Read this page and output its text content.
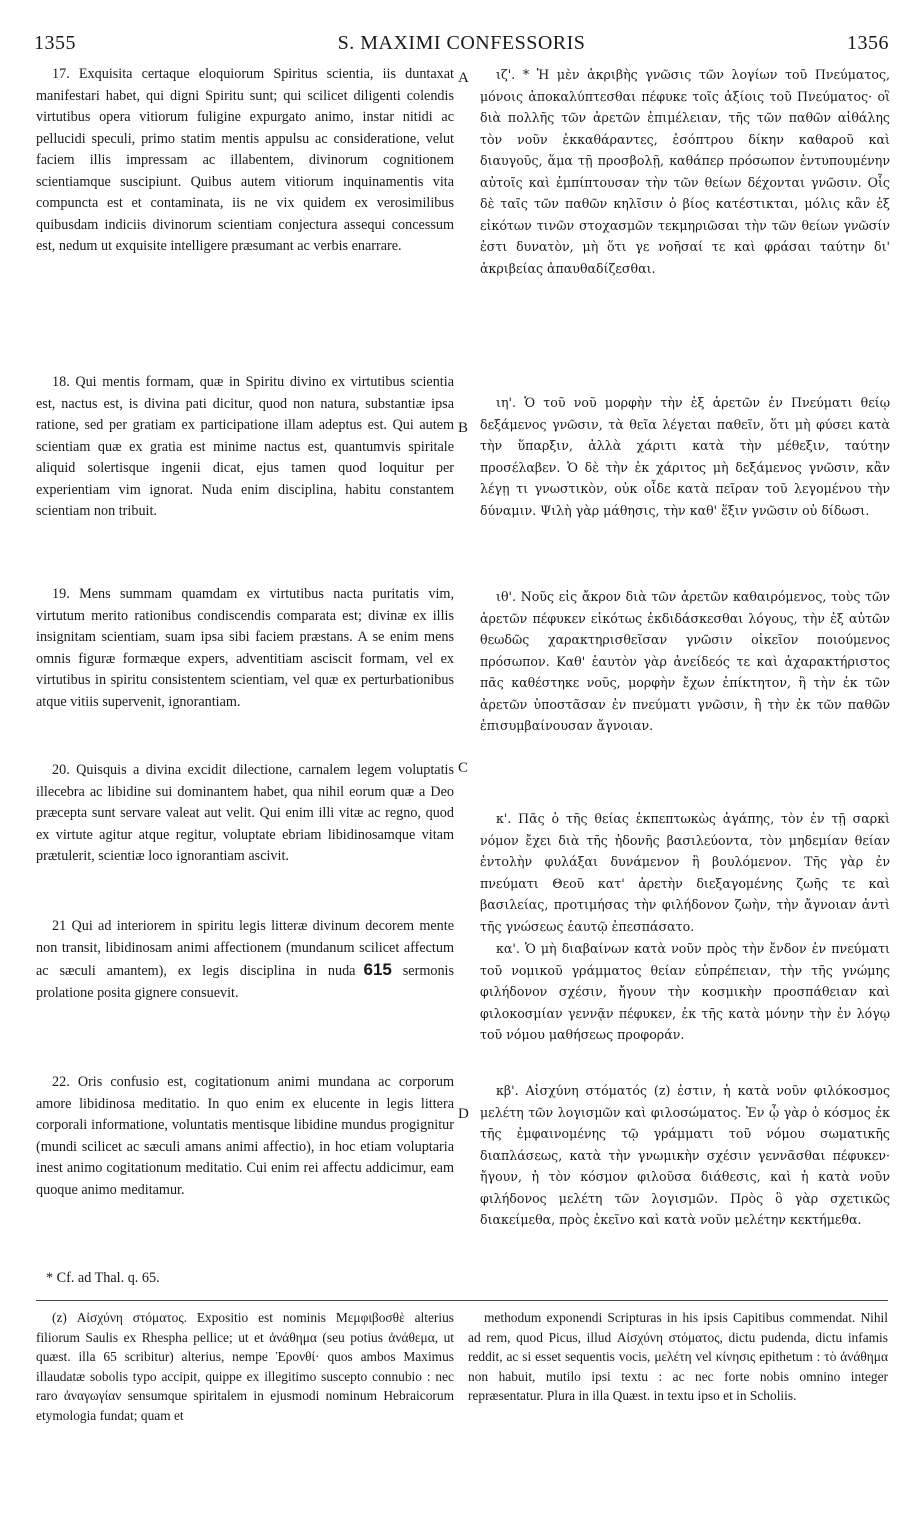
1355	S. MAXIMI CONFESSORIS	1356

17. Exquisita certaque eloquiorum Spiritus scientia, iis duntaxat manifestari habet, qui digni Spiritu sunt; qui scilicet diligenti colendis virtutibus opera vitiorum fuligine expurgato animo, instar nitidi ac pellucidi speculi, primo statim mentis appulsu ac consideratione, velut faciem illis impressam ac illabentem, divinorum cognitionem scientiamque suscipiunt. Quibus autem vitiorum inquinamentis vita compuncta est et contaminata, iis ne vix quidem ex verosimilibus quibusdam indiciis divinorum scientiam conjectura assequi concessum est, nedum ut exquisite intelligere præsumant ac verbis enarrare.

18. Qui mentis formam, quæ in Spiritu divino ex virtutibus scientia est, nactus est, is divina pati dicitur, quod non natura, substantiæ ipsa ratione, sed per gratiam ex participatione illam adeptus est. Qui autem scientiam quæ ex gratia est minime nactus est, quantumvis spiritale aliquid solertisque ingenii dicat, ejus tamen quod loquitur per experientiam vim ignorat. Nuda enim disciplina, habitu constantem scientiam non tribuit.

19. Mens summam quamdam ex virtutibus nacta puritatis vim, virtutum merito rationibus condiscendis comparata est; divinæ ex illis insignitam scientiam, suam ipsa sibi faciem præstans. A se enim mens omnis figuræ formæque expers, adventitiam asciscit formam, vel ex virtutibus in spiritu consistentem scientiam, vel quæ ex perturbationibus atque vitiis supervenit, ignorantiam.

20. Quisquis a divina excidit dilectione, carnalem legem voluptatis illecebra ac libidine sui dominantem habet, qua nihil eorum quæ a Deo præcepta sunt servare valeat aut velit. Qui enim illi vitæ ac regno, quod ex virtute agitur atque regitur, voluptate ebriam libidinosamque vitam prætulerit, scientiæ loco ignorantiam ascivit.

21 Qui ad interiorem in spiritu legis litteræ divinum decorem mente non transit, libidinosam animi affectionem (mundanum scilicet affectum ac sæculi amantem), ex legis disciplina in nuda 615 sermonis prolatione posita gignere consuevit.

22. Oris confusio est, cogitationum animi mundana ac corporum amore libidinosa meditatio. In quo enim ex elucente in legis littera corporali informatione, voluntatis mentisque libidine mundus progignitur (mundi scilicet ac sæculi amans animi affectio), in hoc etiam voluptaria inest animo cogitationum meditatio. Cui enim rei affectu addicimur, eam quoque animo meditamur.

* Cf. ad Thal. q. 65.

A
B
C
D

ιζ'. * Ἡ μὲν ἀκριβὴς γνῶσις τῶν λογίων τοῦ Πνεύματος, μόνοις ἀποκαλύπτεσθαι πέφυκε τοῖς ἀξίοις τοῦ Πνεύματος· οἳ διὰ πολλῆς τῶν ἀρετῶν ἐπιμέλειαν, τῆς τῶν παθῶν αἰθάλης τὸν νοῦν ἐκκαθάραντες, ἐσόπτρου δίκην καθαροῦ καὶ διαυγοῦς, ἅμα τῇ προσβολῇ, καθάπερ πρόσωπον ἐντυπουμένην αὐτοῖς καὶ ἐμπίπτουσαν τὴν τῶν θείων δέχονται γνῶσιν. Οἷς δὲ ταῖς τῶν παθῶν κηλῖσιν ὁ βίος κατέστικται, μόλις κἂν ἐξ εἰκότων τινῶν στοχασμῶν τεκμηριῶσαι τὴν τῶν θείων γνῶσίν ἐστι δυνατὸν, μὴ ὅτι γε νοῆσαί τε καὶ φράσαι ταύτην δι' ἀκριβείας ἀπαυθαδίζεσθαι.

ιη'. Ὁ τοῦ νοῦ μορφὴν τὴν ἐξ ἀρετῶν ἐν Πνεύματι θείῳ δεξάμενος γνῶσιν, τὰ θεῖα λέγεται παθεῖν, ὅτι μὴ φύσει κατὰ τὴν ὕπαρξιν, ἀλλὰ χάριτι κατὰ τὴν μέθεξιν, ταύτην προσέλαβεν. Ὁ δὲ τὴν ἐκ χάριτος μὴ δεξάμενος γνῶσιν, κἂν λέγῃ τι γνωστικὸν, οὐκ οἶδε κατὰ πεῖραν τοῦ λεγομένου τὴν δύναμιν. Ψιλὴ γὰρ μάθησις, τὴν καθ' ἕξιν γνῶσιν οὐ δίδωσι.

ιθ'. Νοῦς εἰς ἄκρον διὰ τῶν ἀρετῶν καθαιρόμενος, τοὺς τῶν ἀρετῶν πέφυκεν εἰκότως ἐκδιδάσκεσθαι λόγους, τὴν ἐξ αὐτῶν θεωδῶς χαρακτηρισθεῖσαν γνῶσιν οἰκεῖον ποιούμενος πρόσωπον. Καθ' ἑαυτὸν γὰρ ἀνείδεός τε καὶ ἀχαρακτήριστος πᾶς καθέστηκε νοῦς, μορφὴν ἔχων ἐπίκτητον, ἢ τὴν ἐκ τῶν ἀρετῶν ὑποστᾶσαν ἐν πνεύματι γνῶσιν, ἢ τὴν ἐκ τῶν παθῶν ἐπισυμβαίνουσαν ἄγνοιαν.

κ'. Πᾶς ὁ τῆς θείας ἐκπεπτωκὼς ἀγάπης, τὸν ἐν τῇ σαρκὶ νόμον ἔχει διὰ τῆς ἡδονῆς βασιλεύοντα, τὸν μηδεμίαν θείαν ἐντολὴν φυλάξαι δυνάμενον ἢ βουλόμενον. Τῆς γὰρ ἐν πνεύματι Θεοῦ κατ' ἀρετὴν διεξαγομένης ζωῆς τε καὶ βασιλείας, προτιμήσας τὴν φιλήδονον ζωὴν, τὴν ἄγνοιαν ἀντὶ τῆς γνώσεως ἑαυτῷ ἐπεσπάσατο.

κα'. Ὁ μὴ διαβαίνων κατὰ νοῦν πρὸς τὴν ἔνδον ἐν πνεύματι τοῦ νομικοῦ γράμματος θείαν εὐπρέπειαν, τὴν τῆς γνώμης φιλήδονον σχέσιν, ἤγουν τὴν κοσμικὴν προσπάθειαν καὶ φιλοκοσμίαν γεννᾷν πέφυκεν, ἐκ τῆς κατὰ μόνην τὴν ἐν λόγῳ τοῦ νόμου μαθήσεως προφοράν.

κβ'. Αἰσχύνη στόματός (z) ἐστιν, ἡ κατὰ νοῦν φιλόκοσμος μελέτη τῶν λογισμῶν καὶ φιλοσώματος. Ἐν ᾧ γὰρ ὁ κόσμος ἐκ τῆς ἐμφαινομένης τῷ γράμματι τοῦ νόμου σωματικῆς διαπλάσεως, κατὰ τὴν γνωμικὴν σχέσιν γεννᾶσθαι πέφυκεν· ἤγουν, ἡ τὸν κόσμον φιλοῦσα διάθεσις, καὶ ἡ κατὰ νοῦν φιλήδονος μελέτη τῶν λογισμῶν. Πρὸς ὃ γὰρ σχετικῶς διακείμεθα, πρὸς ἐκεῖνο καὶ κατὰ νοῦν μελέτην κεκτήμεθα.

(z) Αἰσχύνη στόματος. Expositio est nominis Μεμφιβοσθὲ alterius filiorum Saulis ex Rhespha pellice; ut et ἀνάθημα (seu potius ἀνάθεμα, ut quæst. illa 65 scribitur) alterius, nempe Ἐρονθί· quos ambos Maximus illaudatæ sobolis typo accipit, quippe ex illegitimo suscepto connubio : nec raro ἀναγωγίαν sensumque spiritalem in ejusmodi nominum Hebraicorum etymologia fundat; quam et

methodum exponendi Scripturas in his ipsis Capitibus commendat. Nihil ad rem, quod Picus, illud Αἰσχύνη στόματος, dictu pudenda, dictu infamis reddit, ac si esset sequentis vocis, μελέτη vel κίνησις epithetum : τὸ ἀνάθημα non habuit, mutilo ipsi textu : ac nec forte nobis omnino integer repræsentatur. Plura in illa Quæst. in textu ipso et in Scholiis.
